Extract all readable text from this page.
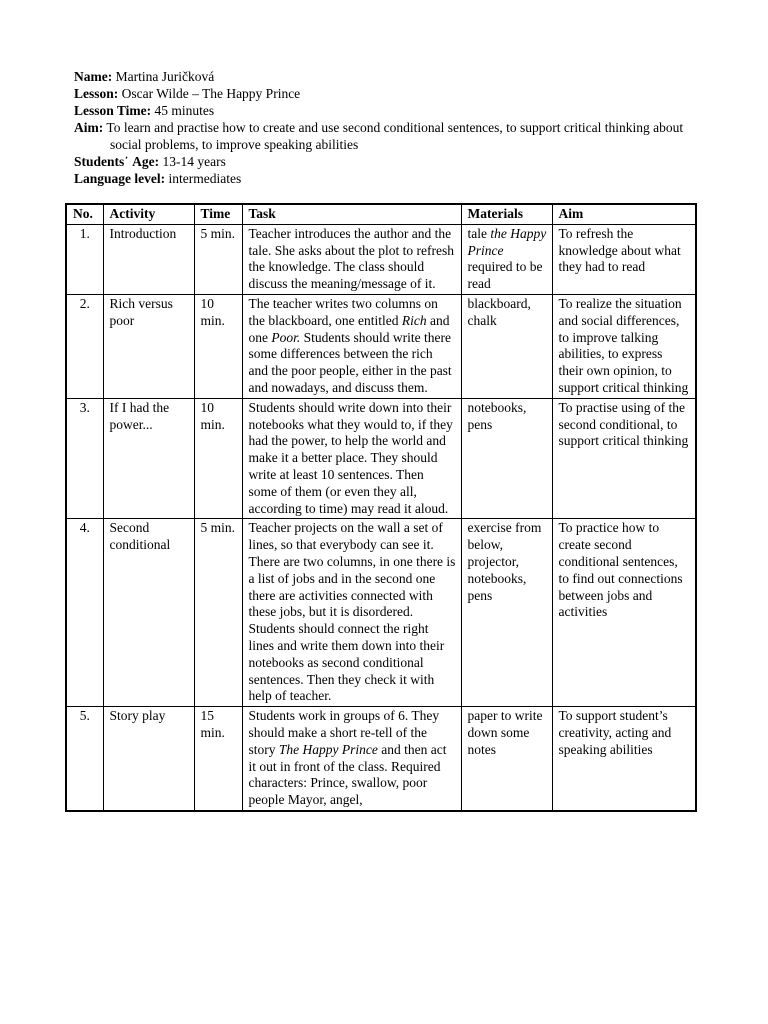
Name: Martina Juričková
Lesson: Oscar Wilde – The Happy Prince
Lesson Time: 45 minutes
Aim: To learn and practise how to create and use second conditional sentences, to support critical thinking about social problems, to improve speaking abilities
Students᾽ Age: 13-14 years
Language level: intermediates
No.	Activity	Time	Task	Materials	Aim
1.	Introduction	5 min.	Teacher introduces the author and the tale. She asks about the plot to refresh the knowledge. The class should discuss the meaning/message of it.	tale the Happy Prince required to be read	To refresh the knowledge about what they had to read
2.	Rich versus poor	10 min.	The teacher writes two columns on the blackboard, one entitled Rich and one Poor. Students should write there some differences between the rich and the poor people, either in the past and nowadays, and discuss them.	blackboard, chalk	To realize the situation and social differences, to improve talking abilities, to express their own opinion, to support critical thinking
3.	If I had the power...	10 min.	Students should write down into their notebooks what they would to, if they had the power, to help the world and make it a better place. They should write at least 10 sentences. Then some of them (or even they all, according to time) may read it aloud.	notebooks, pens	To practise using of the second conditional, to support critical thinking
4.	Second conditional	5 min.	Teacher projects on the wall a set of lines, so that everybody can see it. There are two columns, in one there is a list of jobs and in the second one there are activities connected with these jobs, but it is disordered. Students should connect the right lines and write them down into their notebooks as second conditional sentences. Then they check it with help of teacher.	exercise from below, projector, notebooks, pens	To practice how to create second conditional sentences, to find out connections between jobs and activities
5.	Story play	15 min.	Students work in groups of 6. They should make a short re-tell of the story The Happy Prince and then act it out in front of the class. Required characters: Prince, swallow, poor people Mayor, angel,	paper to write down some notes	To support student’s creativity, acting and speaking abilities
